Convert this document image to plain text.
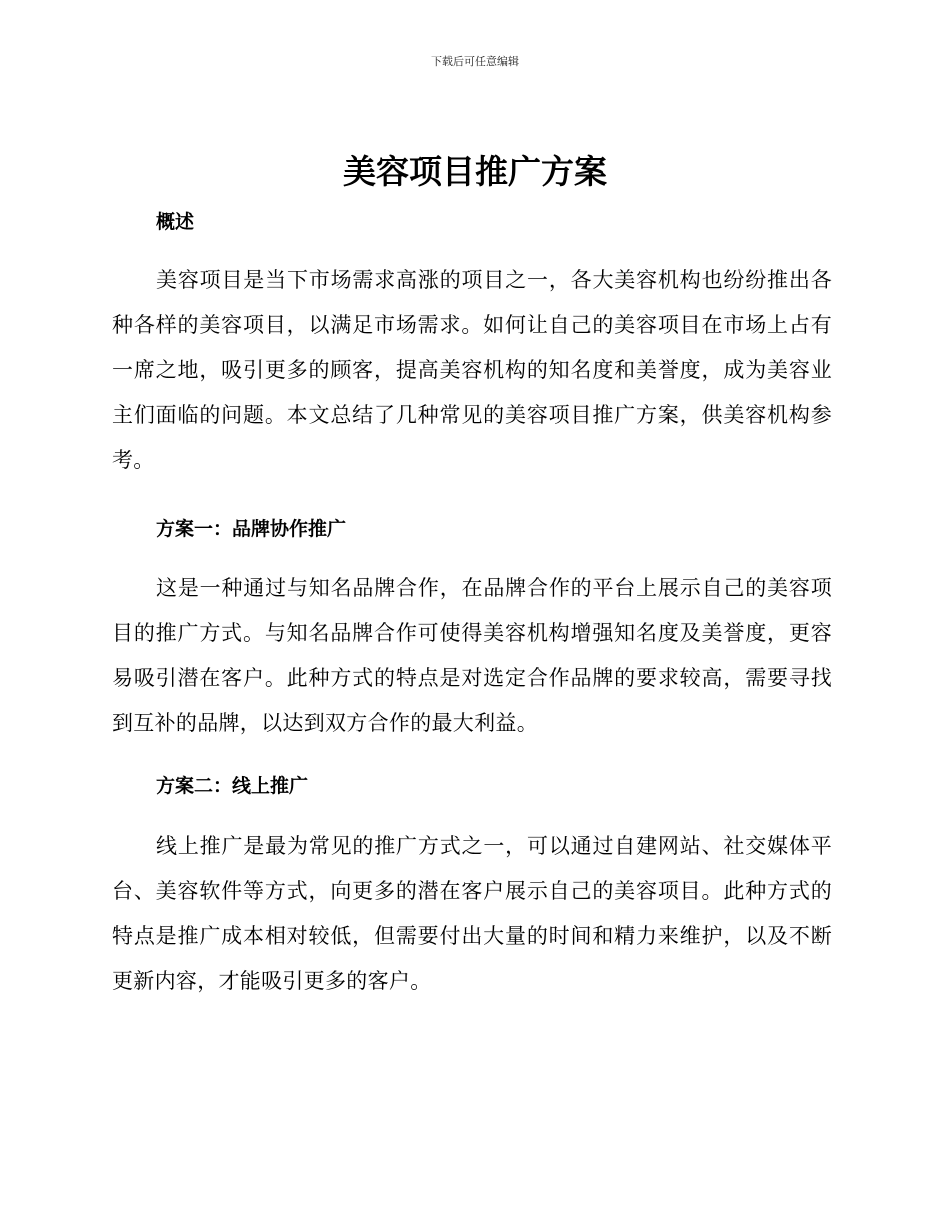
下载后可任意编辑
美容项目推广方案
概述

美容项目是当下市场需求高涨的项目之一，各大美容机构也纷纷推出各种各样的美容项目，以满足市场需求。如何让自己的美容项目在市场上占有一席之地，吸引更多的顾客，提高美容机构的知名度和美誉度，成为美容业主们面临的问题。本文总结了几种常见的美容项目推广方案，供美容机构参考。

方案一：品牌协作推广

这是一种通过与知名品牌合作，在品牌合作的平台上展示自己的美容项目的推广方式。与知名品牌合作可使得美容机构增强知名度及美誉度，更容易吸引潜在客户。此种方式的特点是对选定合作品牌的要求较高，需要寻找到互补的品牌，以达到双方合作的最大利益。

方案二：线上推广

线上推广是最为常见的推广方式之一，可以通过自建网站、社交媒体平台、美容软件等方式，向更多的潜在客户展示自己的美容项目。此种方式的特点是推广成本相对较低，但需要付出大量的时间和精力来维护，以及不断更新内容，才能吸引更多的客户。
